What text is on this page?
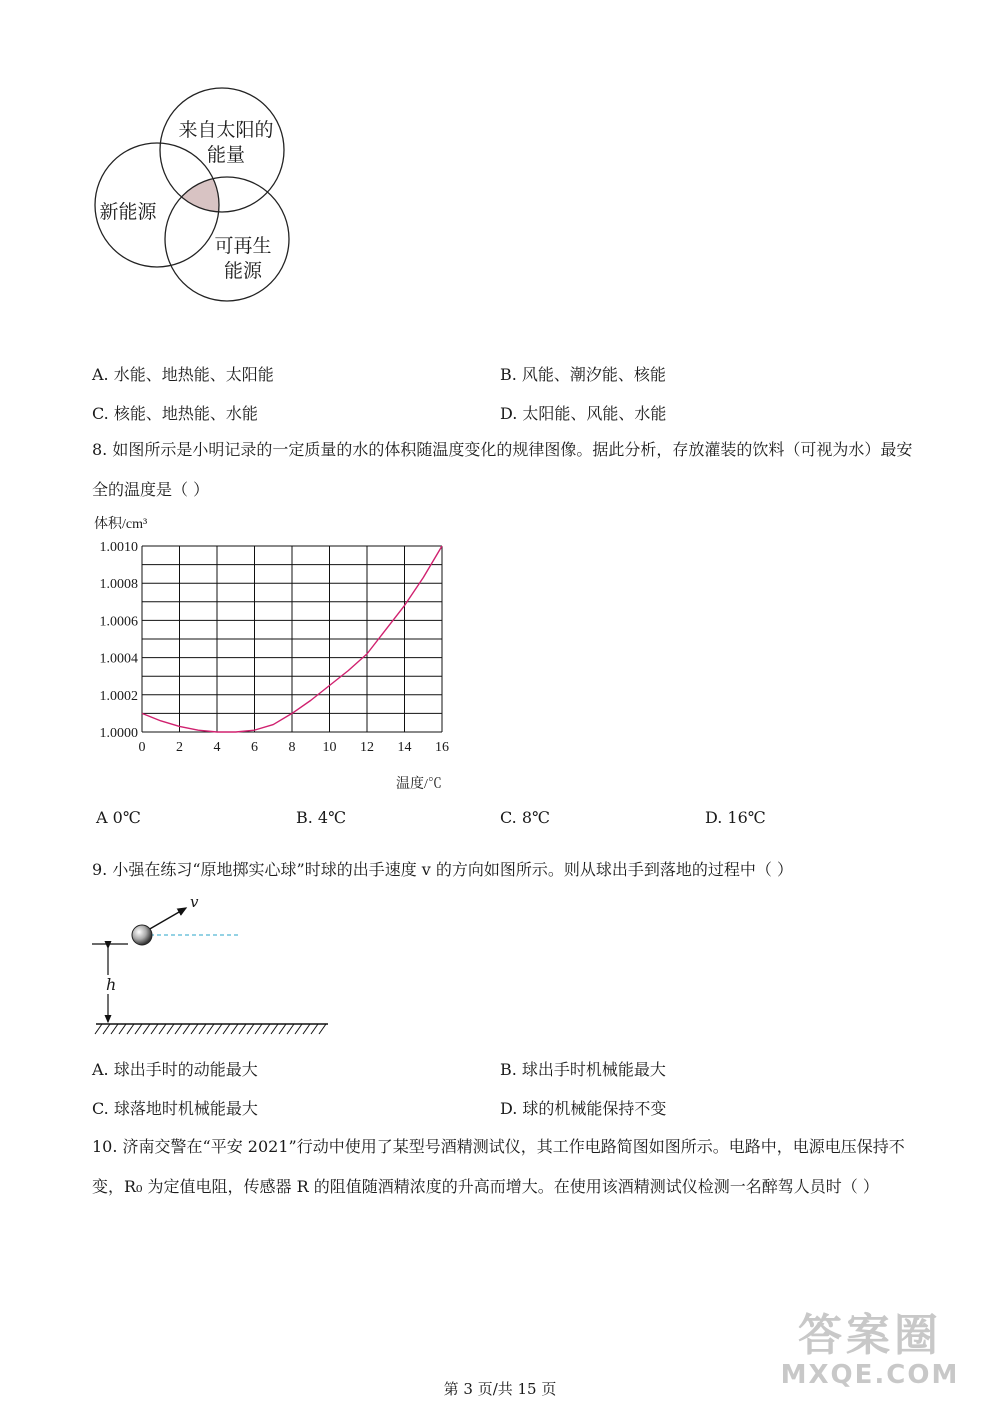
来自太阳的
能量
新能源
可再生
能源
A. 水能、地热能、太阳能	B. 风能、潮汐能、核能
C. 核能、地热能、水能	D. 太阳能、风能、水能
8. 如图所示是小明记录的一定质量的水的体积随温度变化的规律图像。据此分析，存放灌装的饮料（可视为水）最安全的温度是（ ）
0 2 4 6 8 10 12 14 16
1.0000
1.0002
1.0004
1.0006
1.0008
1.0010
体积/cm³
温度/℃
A 0℃	B. 4℃	C. 8℃	D. 16℃
9. 小强在练习“原地掷实心球”时球的出手速度 v 的方向如图所示。则从球出手到落地的过程中（ ）
v
h
A. 球出手时的动能最大	B. 球出手时机械能最大
C. 球落地时机械能最大	D. 球的机械能保持不变
10. 济南交警在“平安 2021”行动中使用了某型号酒精测试仪，其工作电路简图如图所示。电路中，电源电压保持不变，R₀ 为定值电阻，传感器 R 的阻值随酒精浓度的升高而增大。在使用该酒精测试仪检测一名醉驾人员时（ ）
第 3 页/共 15 页
答案圈
MXQE.COM
